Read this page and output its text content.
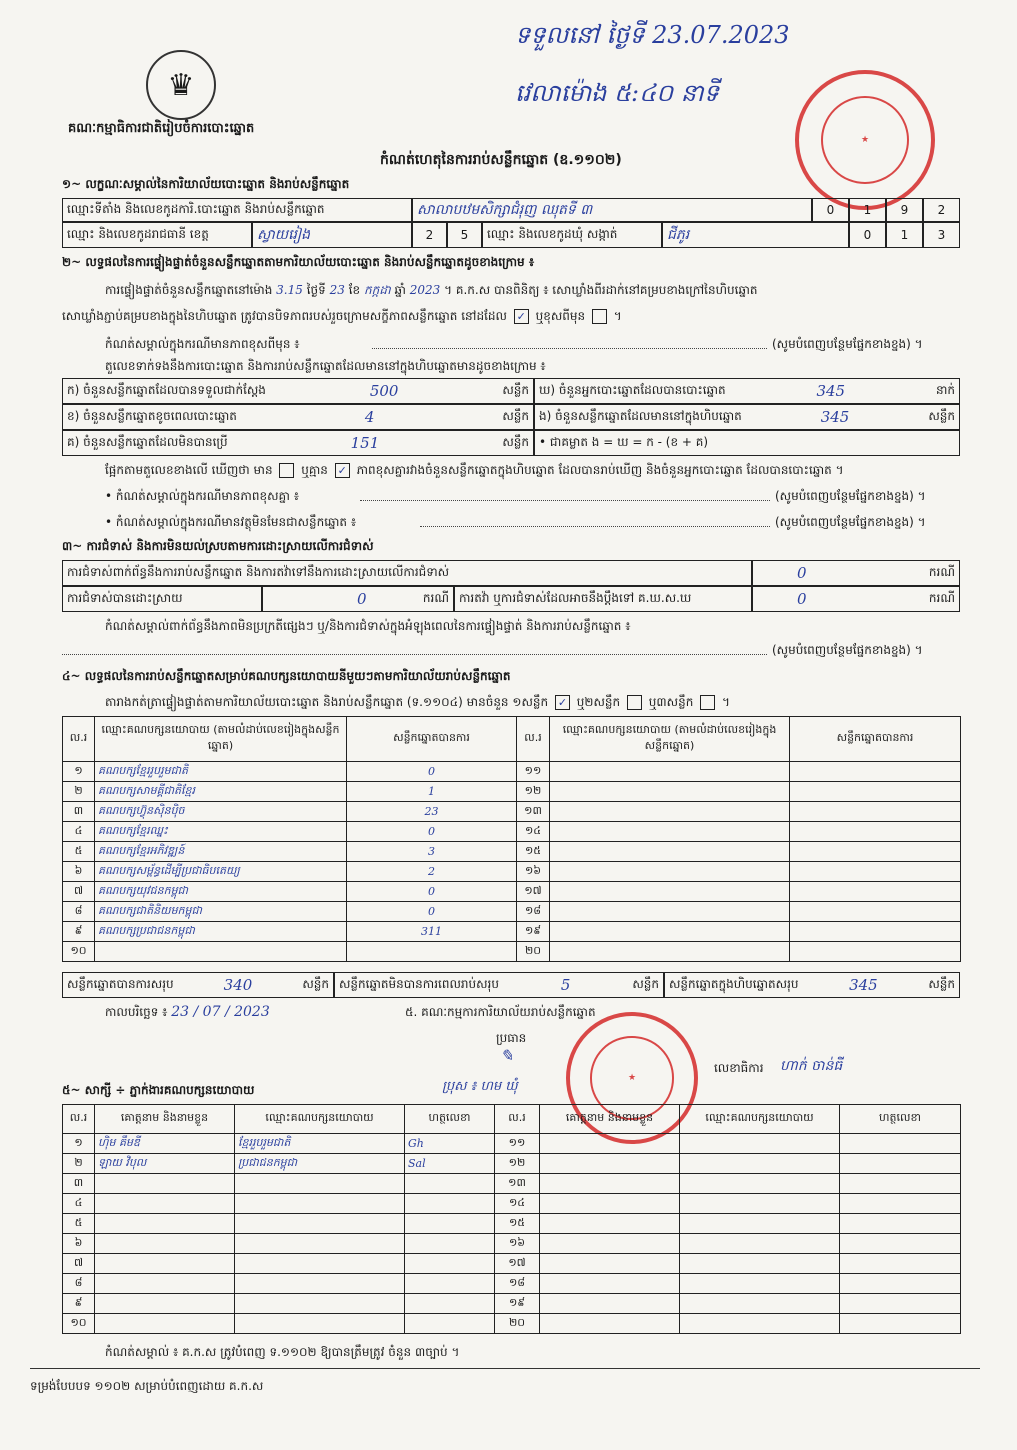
ទទួលនៅ ថ្ងៃទី 23.07.2023
វេលាម៉ោង ៥:៤០ នាទី
♛
គណៈកម្មាធិការជាតិរៀបចំការបោះឆ្នោត
★
កំណត់ហេតុនៃការរាប់សន្លឹកឆ្នោត (ឧ.១១០២)
១~ លក្ខណៈសម្គាល់នៃការិយាល័យបោះឆ្នោត និងរាប់សន្លឹកឆ្នោត
ឈ្មោះទីតាំង និងលេខកូដការិ.បោះឆ្នោត និងរាប់សន្លឹកឆ្នោត	សាលាបឋមសិក្សាជំរុញ ឈុតទី ៣	0	1	9	2
ឈ្មោះ និងលេខកូដរាជធានី ខេត្ត	ស្វាយរៀង	2	5	ឈ្មោះ និងលេខកូដឃុំ សង្កាត់	ជីភូរ	0	1	3
២~ លទ្ធផលនៃការផ្ទៀងផ្ទាត់ចំនួនសន្លឹកឆ្នោតតាមការិយាល័យបោះឆ្នោត និងរាប់សន្លឹកឆ្នោតដូចខាងក្រោម ៖
ការផ្ទៀងផ្ទាត់ចំនួនសន្លឹកឆ្នោតនៅម៉ោង 3.15 ថ្ងៃទី 23 ខែ កក្កដា ឆ្នាំ 2023 ។ គ.ក.ស បានពិនិត្យ ៖ សោឃ្លាំងពីរដាក់នៅគម្របខាងក្រៅនៃហិបឆ្នោត
សោឃ្លាំងភ្ជាប់គម្របខាងក្នុងនៃហិបឆ្នោត ត្រូវបានបិទភាពរបស់រួចក្រោមសក្ខីភាពសន្លឹកឆ្នោត នៅដដែល ✓ ឬខុសពីមុន  ។
កំណត់សម្គាល់ក្នុងករណីមានភាពខុសពីមុន ៖	(សូមបំពេញបន្ថែមផ្នែកខាងខ្នង) ។
តួលេខទាក់ទងនឹងការបោះឆ្នោត និងការរាប់សន្លឹកឆ្នោតដែលមាននៅក្នុងហិបឆ្នោតមានដូចខាងក្រោម ៖
ក) ចំនួនសន្លឹកឆ្នោតដែលបានទទួលជាក់ស្តែង	500	សន្លឹក ឃ) ចំនួនអ្នកបោះឆ្នោតដែលបានបោះឆ្នោត	345	នាក់
ខ) ចំនួនសន្លឹកឆ្នោតខូចពេលបោះឆ្នោត	4	សន្លឹក ង) ចំនួនសន្លឹកឆ្នោតដែលមាននៅក្នុងហិបឆ្នោត	345	សន្លឹក
គ) ចំនួនសន្លឹកឆ្នោតដែលមិនបានប្រើ	151	សន្លឹក • ជាគម្លាត ង = ឃ = ក - (ខ + គ)
ផ្អែកតាមតួលេខខាងលើ ឃើញថា មាន ឬគ្មាន ✓ ភាពខុសគ្នារវាងចំនួនសន្លឹកឆ្នោតក្នុងហិបឆ្នោត ដែលបានរាប់ឃើញ និងចំនួនអ្នកបោះឆ្នោត ដែលបានបោះឆ្នោត ។
• កំណត់សម្គាល់ក្នុងករណីមានភាពខុសគ្នា ៖	(សូមបំពេញបន្ថែមផ្នែកខាងខ្នង) ។
• កំណត់សម្គាល់ក្នុងករណីមានវត្ថុមិនមែនជាសន្លឹកឆ្នោត ៖	(សូមបំពេញបន្ថែមផ្នែកខាងខ្នង) ។
៣~ ការជំទាស់ និងការមិនយល់ស្របតាមការដោះស្រាយលើការជំទាស់
ការជំទាស់ពាក់ព័ន្ធនឹងការរាប់សន្លឹកឆ្នោត និងការតវ៉ាទៅនឹងការដោះស្រាយលើការជំទាស់	0	ករណី
ការជំទាស់បានដោះស្រាយ	0	ករណី ការតវ៉ា ឬការជំទាស់ដែលអាចនឹងប្តឹងទៅ គ.ឃ.ស.ឃ	0	ករណី
កំណត់សម្គាល់ពាក់ព័ន្ធនឹងភាពមិនប្រក្រតីផ្សេងៗ ឬ/និងការជំទាស់ក្នុងអំឡុងពេលនៃការផ្ទៀងផ្ទាត់ និងការរាប់សន្លឹកឆ្នោត ៖
(សូមបំពេញបន្ថែមផ្នែកខាងខ្នង) ។
៤~ លទ្ធផលនៃការរាប់សន្លឹកឆ្នោតសម្រាប់គណបក្សនយោបាយនីមួយៗតាមការិយាល័យរាប់សន្លឹកឆ្នោត
តារាងកត់ត្រាផ្ទៀងផ្ទាត់តាមការិយាល័យបោះឆ្នោត និងរាប់សន្លឹកឆ្នោត (ទ.១១០៤) មានចំនួន ១សន្លឹក ✓ ឬ២សន្លឹក ឬ៣សន្លឹក  ។
ល.រ	ឈ្មោះគណបក្សនយោបាយ (តាមលំដាប់លេខរៀងក្នុងសន្លឹកឆ្នោត)	សន្លឹកឆ្នោតបានការ	ល.រ	ឈ្មោះគណបក្សនយោបាយ (តាមលំដាប់លេខរៀងក្នុងសន្លឹកឆ្នោត)	សន្លឹកឆ្នោតបានការ
១	គណបក្សខ្មែររួបរួមជាតិ	0	១១		
២	គណបក្សសាមគ្គីជាតិខ្មែរ	1	១២		
៣	គណបក្សហ៊្វុនស៊ិនប៉ិច	23	១៣		
៤	គណបក្សខ្មែរឈ្នះ	0	១៤		
៥	គណបក្សខ្មែរអភិវឌ្ឍន៍	3	១៥		
៦	គណបក្សសម្ព័ន្ធដើម្បីប្រជាធិបតេយ្យ	2	១៦		
៧	គណបក្សយុវជនកម្ពុជា	0	១៧		
៨	គណបក្សជាតិនិយមកម្ពុជា	0	១៨		
៩	គណបក្សប្រជាជនកម្ពុជា	311	១៩		
១០			២០		
សន្លឹកឆ្នោតបានការសរុប	340	សន្លឹក សន្លឹកឆ្នោតមិនបានការពេលរាប់សរុប	5	សន្លឹក សន្លឹកឆ្នោតក្នុងហិបឆ្នោតសរុប	345	សន្លឹក
កាលបរិច្ឆេទ ៖ 23 / 07 / 2023	៥. គណៈកម្មការការិយាល័យរាប់សន្លឹកឆ្នោត
ប្រធាន
✎
ប្រុស ៖ ហម ឃុំ
★
លេខាធិការ ហាក់ ចាន់ធី
៥~ សាក្សី ÷ ភ្នាក់ងារគណបក្សនយោបាយ
ល.រ	គោត្តនាម និងនាមខ្លួន	ឈ្មោះគណបក្សនយោបាយ	ហត្ថលេខា	ល.រ	គោត្តនាម និងនាមខ្លួន	ឈ្មោះគណបក្សនយោបាយ	ហត្ថលេខា
១	ហ៊ិម គឹមឌី	ខ្មែររួបរួមជាតិ	Gh	១១			
២	ឡាយ វិបុល	ប្រជាជនកម្ពុជា	Sal	១២			
៣				១៣			
៤				១៤			
៥				១៥			
៦				១៦			
៧				១៧			
៨				១៨			
៩				១៩			
១០				២០			
កំណត់សម្គាល់ ៖ គ.ក.ស ត្រូវបំពេញ ទ.១១០២ ឱ្យបានត្រឹមត្រូវ ចំនួន ៣ច្បាប់ ។
ទម្រង់បែបបទ ១១០២ សម្រាប់បំពេញដោយ គ.ក.ស
